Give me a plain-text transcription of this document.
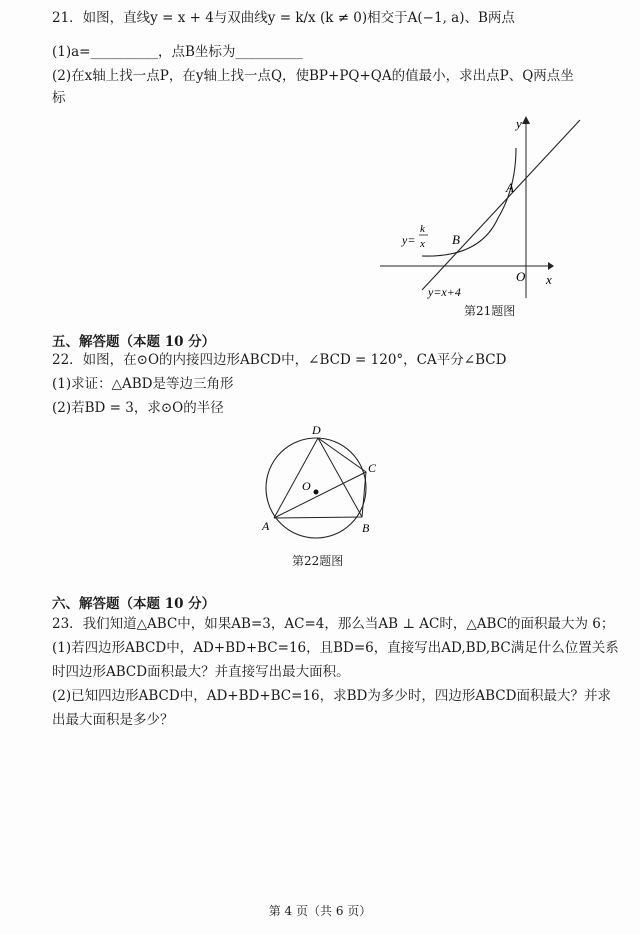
21．如图，直线y = x + 4与双曲线y = k/x (k ≠ 0)相交于A(−1, a)、B两点
(1)a=__________，点B坐标为__________
(2)在x轴上找一点P，在y轴上找一点Q，使BP+PQ+QA的值最小，求出点P、Q两点坐
标
y
x
O
A
B
y=
k
x
y=x+4
第21题图
五、解答题（本题 10 分）
22．如图，在⊙O的内接四边形ABCD中，∠BCD = 120°，CA平分∠BCD
(1)求证：△ABD是等边三角形
(2)若BD = 3，求⊙O的半径
D
C
A	B
O
第22题图
六、解答题（本题 10 分）
23．我们知道△ABC中，如果AB=3，AC=4，那么当AB ⊥ AC时，△ABC的面积最大为 6；
(1)若四边形ABCD中，AD+BD+BC=16，且BD=6，直接写出AD,BD,BC满足什么位置关系
时四边形ABCD面积最大？并直接写出最大面积。
(2)已知四边形ABCD中，AD+BD+BC=16，求BD为多少时，四边形ABCD面积最大？并求
出最大面积是多少？
第 4 页（共 6 页）
